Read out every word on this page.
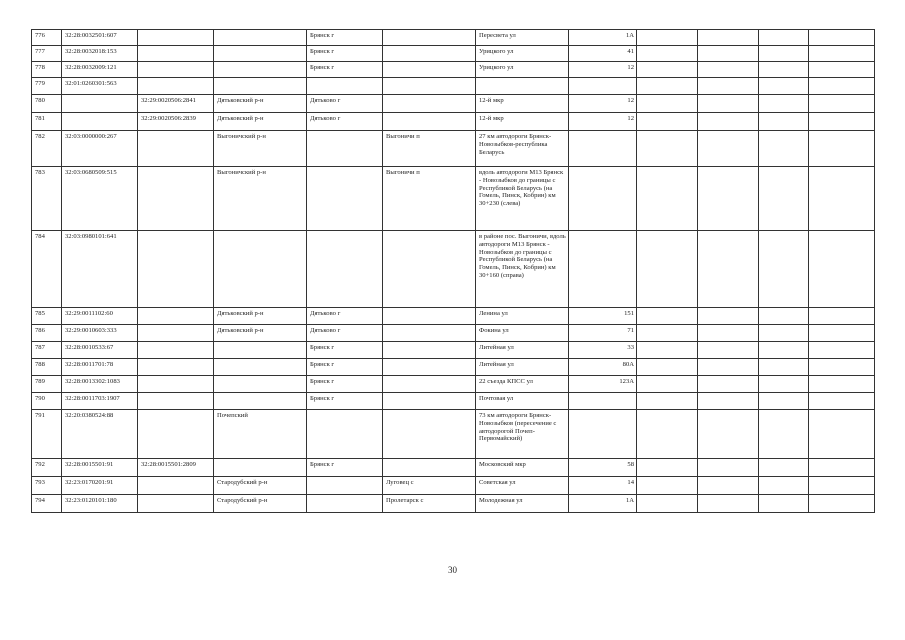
776	32:28:0032501:607			Брянск г		Пересвета ул	1А				
777	32:28:0032018:153			Брянск г		Урицкого ул	41				
778	32:28:0032009:121			Брянск г		Урицкого ул	12				
779	32:01:0260301:563										
780		32:29:0020506:2841	Дятьковский р-н	Дятьково г		12-й мкр	12				
781		32:29:0020506:2839	Дятьковский р-н	Дятьково г		12-й мкр	12				
782	32:03:0000000:267		Выгоничский р-н		Выгоничи п	27 км автодороги Брянск-Новозыбков-республика Беларусь					
783	32:03:0680509:515		Выгоничский р-н		Выгоничи п	вдоль автодороги М13 Брянск - Новозыбков до границы с Республикой Беларусь (на Гомель, Пинск, Кобрин) км 30+230 (слева)					
784	32:03:0980101:641					в районе пос. Выгоничи, вдоль автодороги М13 Брянск - Новозыбков до границы с Республикой Беларусь (на Гомель, Пинск, Кобрин) км 30+160 (справа)					
785	32:29:0011102:60		Дятьковский р-н	Дятьково г		Ленина ул	151				
786	32:29:0010603:333		Дятьковский р-н	Дятьково г		Фокина ул	71				
787	32:28:0010533:67			Брянск г		Литейная ул	33				
788	32:28:0011701:78			Брянск г		Литейная ул	80А				
789	32:28:0013302:1083			Брянск г		22 съезда КПСС ул	123А				
790	32:28:0011703:1907			Брянск г		Почтовая ул					
791	32:20:0380524:88		Почепский			73 км автодороги Брянск-Новозыбков (пересечение с автодорогой Почеп-Первомайский)					
792	32:28:0015501:91	32:28:0015501:2809		Брянск г		Московский мкр	58				
793	32:23:0170201:91		Стародубский р-н		Луговец с	Советская ул	14				
794	32:23:0120101:180		Стародубский р-н		Пролетарск с	Молодежная ул	1А				
30
